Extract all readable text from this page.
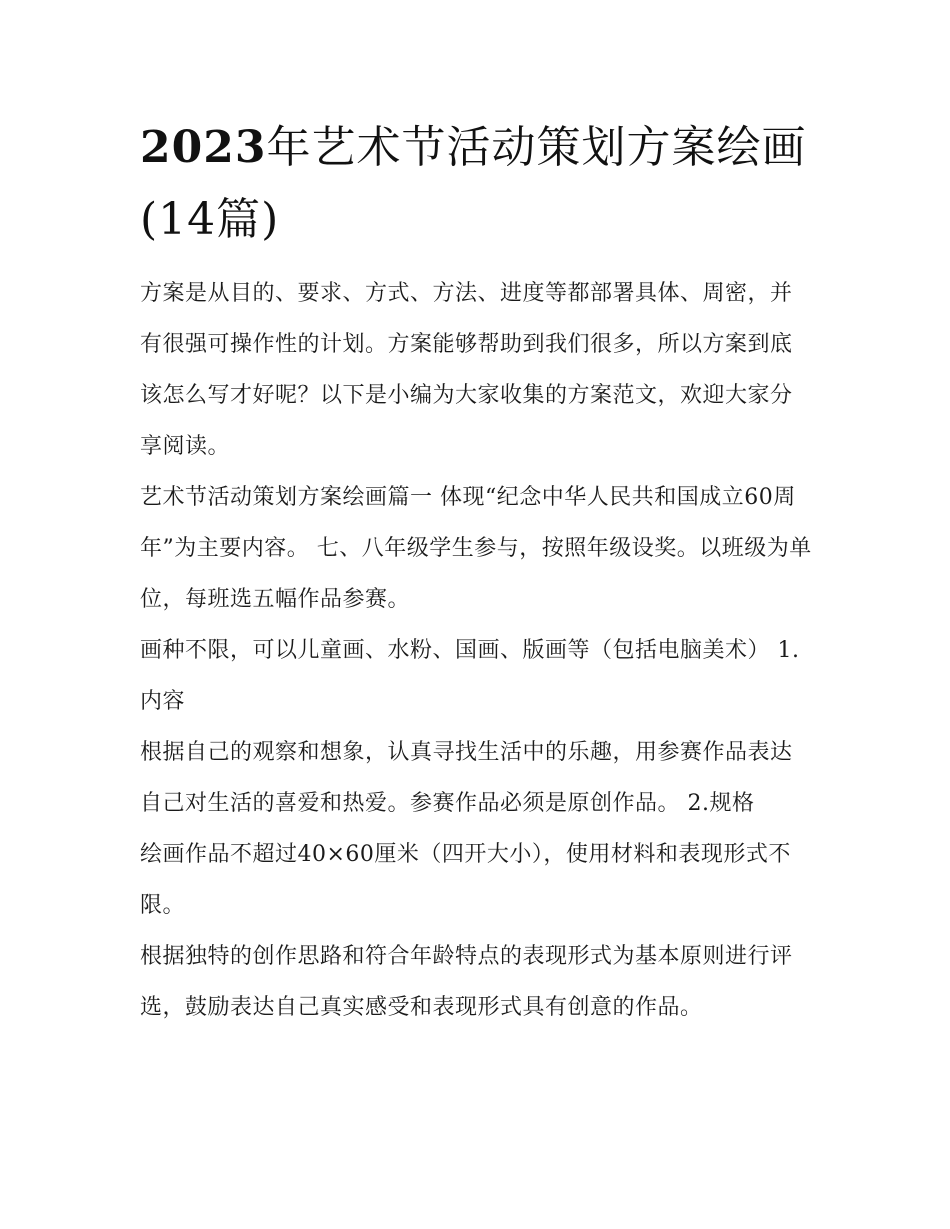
2023年艺术节活动策划方案绘画(14篇)

方案是从目的、要求、方式、方法、进度等都部署具体、周密，并有很强可操作性的计划。方案能够帮助到我们很多，所以方案到底该怎么写才好呢？以下是小编为大家收集的方案范文，欢迎大家分享阅读。

艺术节活动策划方案绘画篇一 体现“纪念中华人民共和国成立60周年”为主要内容。 七、八年级学生参与，按照年级设奖。以班级为单位，每班选五幅作品参赛。

画种不限，可以儿童画、水粉、国画、版画等（包括电脑美术） 1.内容

根据自己的观察和想象，认真寻找生活中的乐趣，用参赛作品表达自己对生活的喜爱和热爱。参赛作品必须是原创作品。 2.规格

绘画作品不超过40×60厘米（四开大小），使用材料和表现形式不限。

根据独特的创作思路和符合年龄特点的表现形式为基本原则进行评选，鼓励表达自己真实感受和表现形式具有创意的作品。
